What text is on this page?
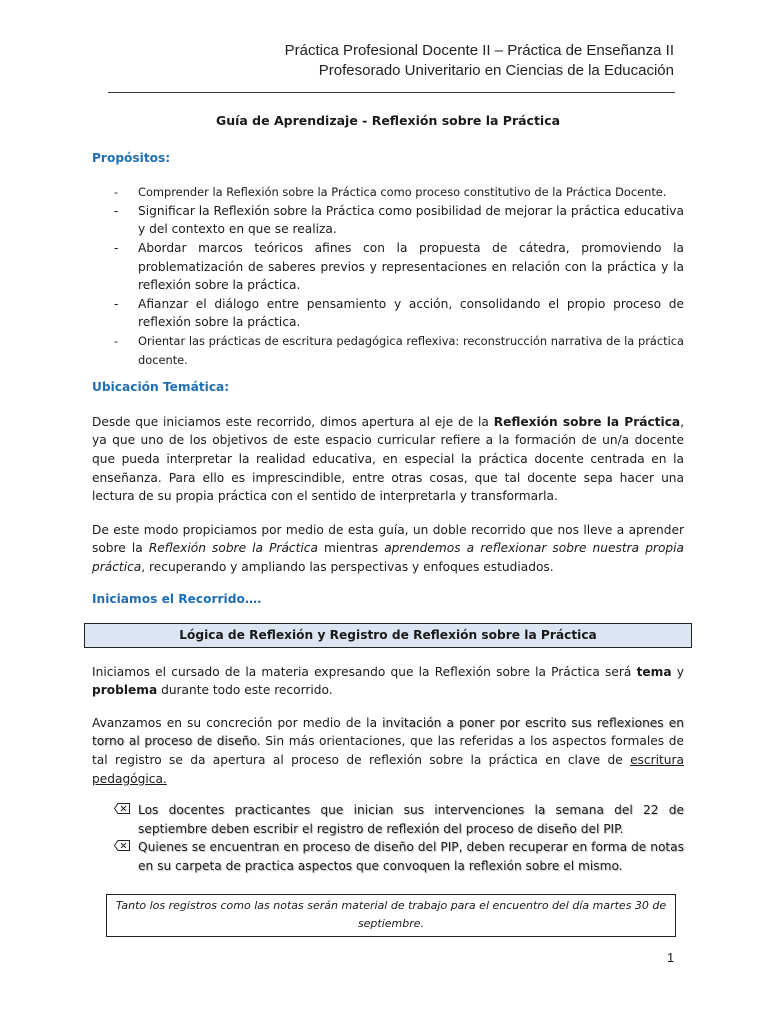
Práctica Profesional Docente II – Práctica de Enseñanza II
Profesorado Univeritario en Ciencias de la Educación

Guía de Aprendizaje - Reflexión sobre la Práctica

Propósitos:

- Comprender la Reflexión sobre la Práctica como proceso constitutivo de la Práctica Docente.
- Significar la Reflexión sobre la Práctica como posibilidad de mejorar la práctica educativa y del contexto en que se realiza.
- Abordar marcos teóricos afines con la propuesta de cátedra, promoviendo la problematización de saberes previos y representaciones en relación con la práctica y la reflexión sobre la práctica.
- Afianzar el diálogo entre pensamiento y acción, consolidando el propio proceso de reflexión sobre la práctica.
- Orientar las prácticas de escritura pedagógica reflexiva: reconstrucción narrativa de la práctica docente.

Ubicación Temática:

Desde que iniciamos este recorrido, dimos apertura al eje de la Reflexión sobre la Práctica, ya que uno de los objetivos de este espacio curricular refiere a la formación de un/a docente que pueda interpretar la realidad educativa, en especial la práctica docente centrada en la enseñanza. Para ello es imprescindible, entre otras cosas, que tal docente sepa hacer una lectura de su propia práctica con el sentido de interpretarla y transformarla.

De este modo propiciamos por medio de esta guía, un doble recorrido que nos lleve a aprender sobre la Reflexión sobre la Práctica mientras aprendemos a reflexionar sobre nuestra propia práctica, recuperando y ampliando las perspectivas y enfoques estudiados.

Iniciamos el Recorrido….

Lógica de Reflexión y Registro de Reflexión sobre la Práctica

Iniciamos el cursado de la materia expresando que la Reflexión sobre la Práctica será tema y problema durante todo este recorrido.

Avanzamos en su concreción por medio de la invitación a poner por escrito sus reflexiones en torno al proceso de diseño. Sin más orientaciones, que las referidas a los aspectos formales de tal registro se da apertura al proceso de reflexión sobre la práctica en clave de escritura pedagógica.

Los docentes practicantes que inician sus intervenciones la semana del 22 de septiembre deben escribir el registro de reflexión del proceso de diseño del PIP.
Quienes se encuentran en proceso de diseño del PIP, deben recuperar en forma de notas en su carpeta de practica aspectos que convoquen la reflexión sobre el mismo.
Tanto los registros como las notas serán material de trabajo para el encuentro del día martes 30 de septiembre.
1
